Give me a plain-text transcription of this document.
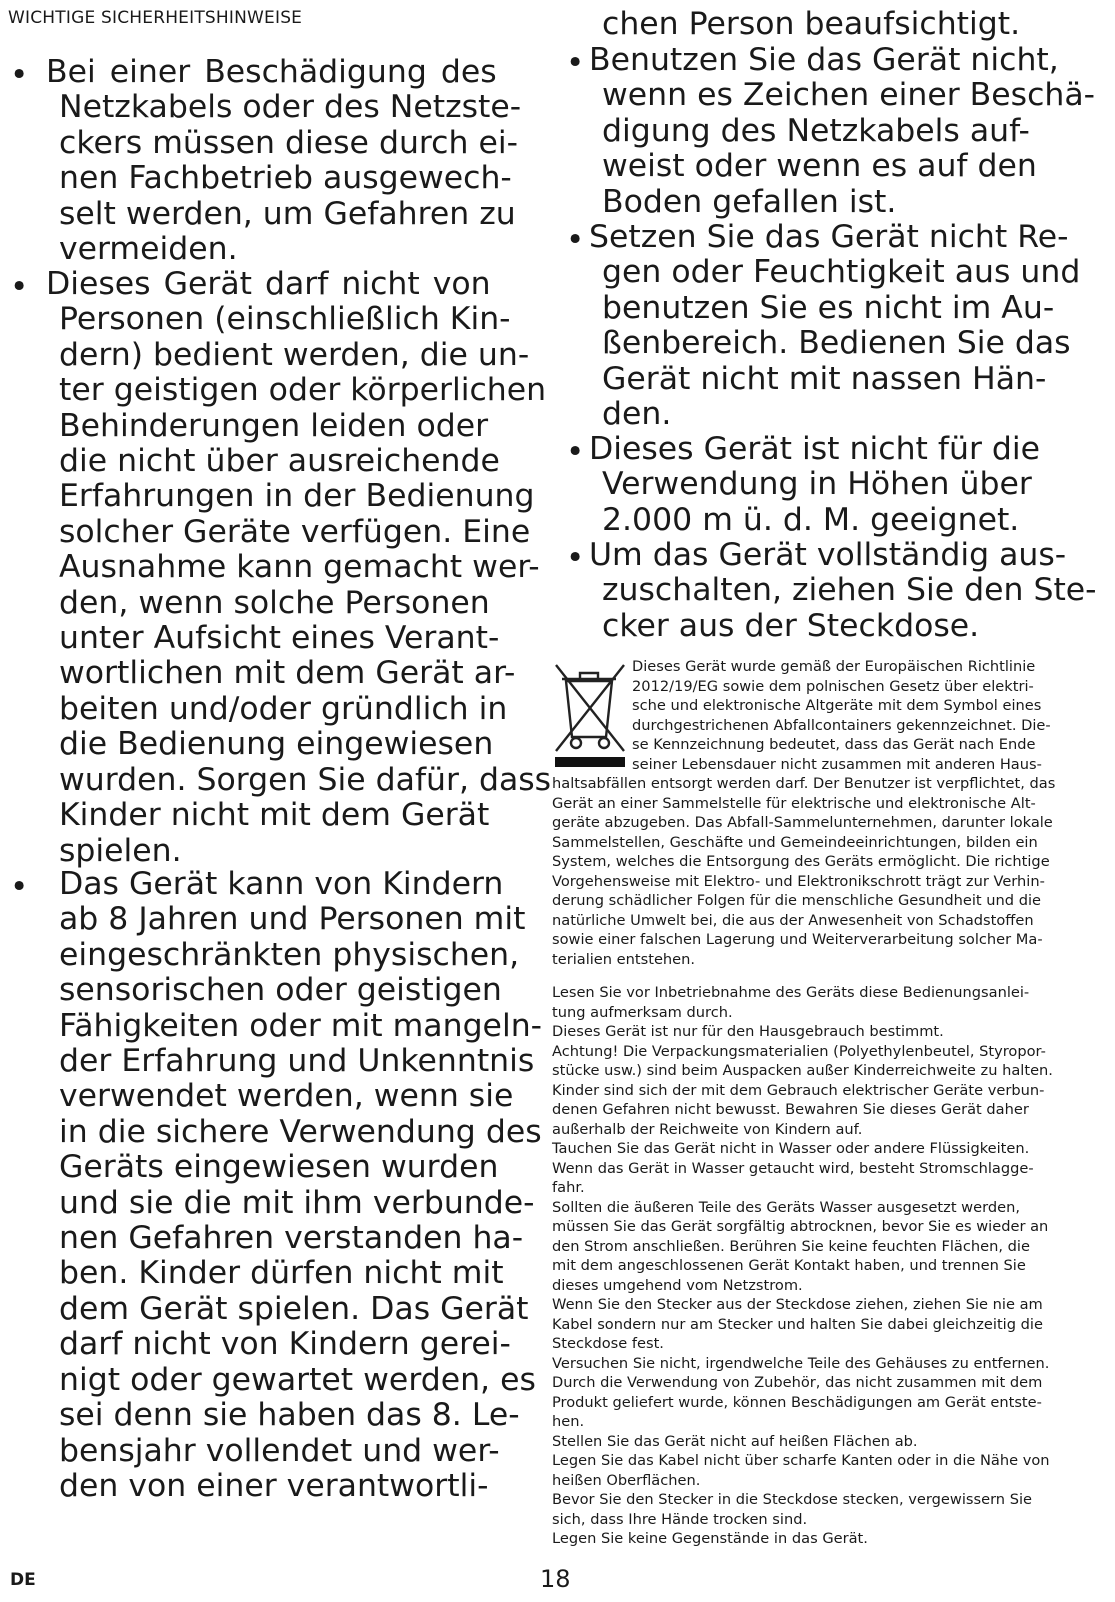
WICHTIGE SICHERHEITSHINWEISE
• Bei einer Beschädigung des

Netzkabels oder des Netzste-

ckers müssen diese durch ei-

nen Fachbetrieb ausgewech-

selt werden, um Gefahren zu

vermeiden.

• Dieses Gerät darf nicht von

Personen (einschließlich Kin-

dern) bedient werden, die un-

ter geistigen oder körperlichen

Behinderungen leiden oder

die nicht über ausreichende

Erfahrungen in der Bedienung

solcher Geräte verfügen. Eine

Ausnahme kann gemacht wer-

den, wenn solche Personen

unter Aufsicht eines Verant-

wortlichen mit dem Gerät ar-

beiten und/oder gründlich in

die Bedienung eingewiesen

wurden. Sorgen Sie dafür, dass

Kinder nicht mit dem Gerät

spielen.

• Das Gerät kann von Kindern

ab 8 Jahren und Personen mit

eingeschränkten physischen,

sensorischen oder geistigen

Fähigkeiten oder mit mangeln-

der Erfahrung und Unkenntnis

verwendet werden, wenn sie

in die sichere Verwendung des

Geräts eingewiesen wurden

und sie die mit ihm verbunde-

nen Gefahren verstanden ha-

ben. Kinder dürfen nicht mit

dem Gerät spielen. Das Gerät

darf nicht von Kindern gerei-

nigt oder gewartet werden, es

sei denn sie haben das 8. Le-

bensjahr vollendet und wer-

den von einer verantwortli-

chen Person beaufsichtigt.

• Benutzen Sie das Gerät nicht,

wenn es Zeichen einer Beschä-

digung des Netzkabels auf-

weist oder wenn es auf den

Boden gefallen ist.

• Setzen Sie das Gerät nicht Re-

gen oder Feuchtigkeit aus und

benutzen Sie es nicht im Au-

ßenbereich. Bedienen Sie das

Gerät nicht mit nassen Hän-

den.

• Dieses Gerät ist nicht für die

Verwendung in Höhen über

2.000 m ü. d. M. geeignet.

• Um das Gerät vollständig aus-

zuschalten, ziehen Sie den Ste-

cker aus der Steckdose.

Dieses Gerät wurde gemäß der Europäischen Richtlinie

2012/19/EG sowie dem polnischen Gesetz über elektri-

sche und elektronische Altgeräte mit dem Symbol eines

durchgestrichenen Abfallcontainers gekennzeichnet. Die-

se Kennzeichnung bedeutet, dass das Gerät nach Ende

seiner Lebensdauer nicht zusammen mit anderen Haus-

haltsabfällen entsorgt werden darf. Der Benutzer ist verpflichtet, das

Gerät an einer Sammelstelle für elektrische und elektronische Alt-

geräte abzugeben. Das Abfall-Sammelunternehmen, darunter lokale

Sammelstellen, Geschäfte und Gemeindeeinrichtungen, bilden ein

System, welches die Entsorgung des Geräts ermöglicht. Die richtige

Vorgehensweise mit Elektro- und Elektronikschrott trägt zur Verhin-

derung schädlicher Folgen für die menschliche Gesundheit und die

natürliche Umwelt bei, die aus der Anwesenheit von Schadstoffen

sowie einer falschen Lagerung und Weiterverarbeitung solcher Ma-

terialien entstehen.

Lesen Sie vor Inbetriebnahme des Geräts diese Bedienungsanlei-

tung aufmerksam durch.

Dieses Gerät ist nur für den Hausgebrauch bestimmt.

Achtung! Die Verpackungsmaterialien (Polyethylenbeutel, Styropor-

stücke usw.) sind beim Auspacken außer Kinderreichweite zu halten.

Kinder sind sich der mit dem Gebrauch elektrischer Geräte verbun-

denen Gefahren nicht bewusst. Bewahren Sie dieses Gerät daher

außerhalb der Reichweite von Kindern auf.

Tauchen Sie das Gerät nicht in Wasser oder andere Flüssigkeiten.

Wenn das Gerät in Wasser getaucht wird, besteht Stromschlagge-

fahr.

Sollten die äußeren Teile des Geräts Wasser ausgesetzt werden,

müssen Sie das Gerät sorgfältig abtrocknen, bevor Sie es wieder an

den Strom anschließen. Berühren Sie keine feuchten Flächen, die

mit dem angeschlossenen Gerät Kontakt haben, und trennen Sie

dieses umgehend vom Netzstrom.

Wenn Sie den Stecker aus der Steckdose ziehen, ziehen Sie nie am

Kabel sondern nur am Stecker und halten Sie dabei gleichzeitig die

Steckdose fest.

Versuchen Sie nicht, irgendwelche Teile des Gehäuses zu entfernen.

Durch die Verwendung von Zubehör, das nicht zusammen mit dem

Produkt geliefert wurde, können Beschädigungen am Gerät entste-

hen.

Stellen Sie das Gerät nicht auf heißen Flächen ab.

Legen Sie das Kabel nicht über scharfe Kanten oder in die Nähe von

heißen Oberflächen.

Bevor Sie den Stecker in die Steckdose stecken, vergewissern Sie

sich, dass Ihre Hände trocken sind.

Legen Sie keine Gegenstände in das Gerät.

DE	18
